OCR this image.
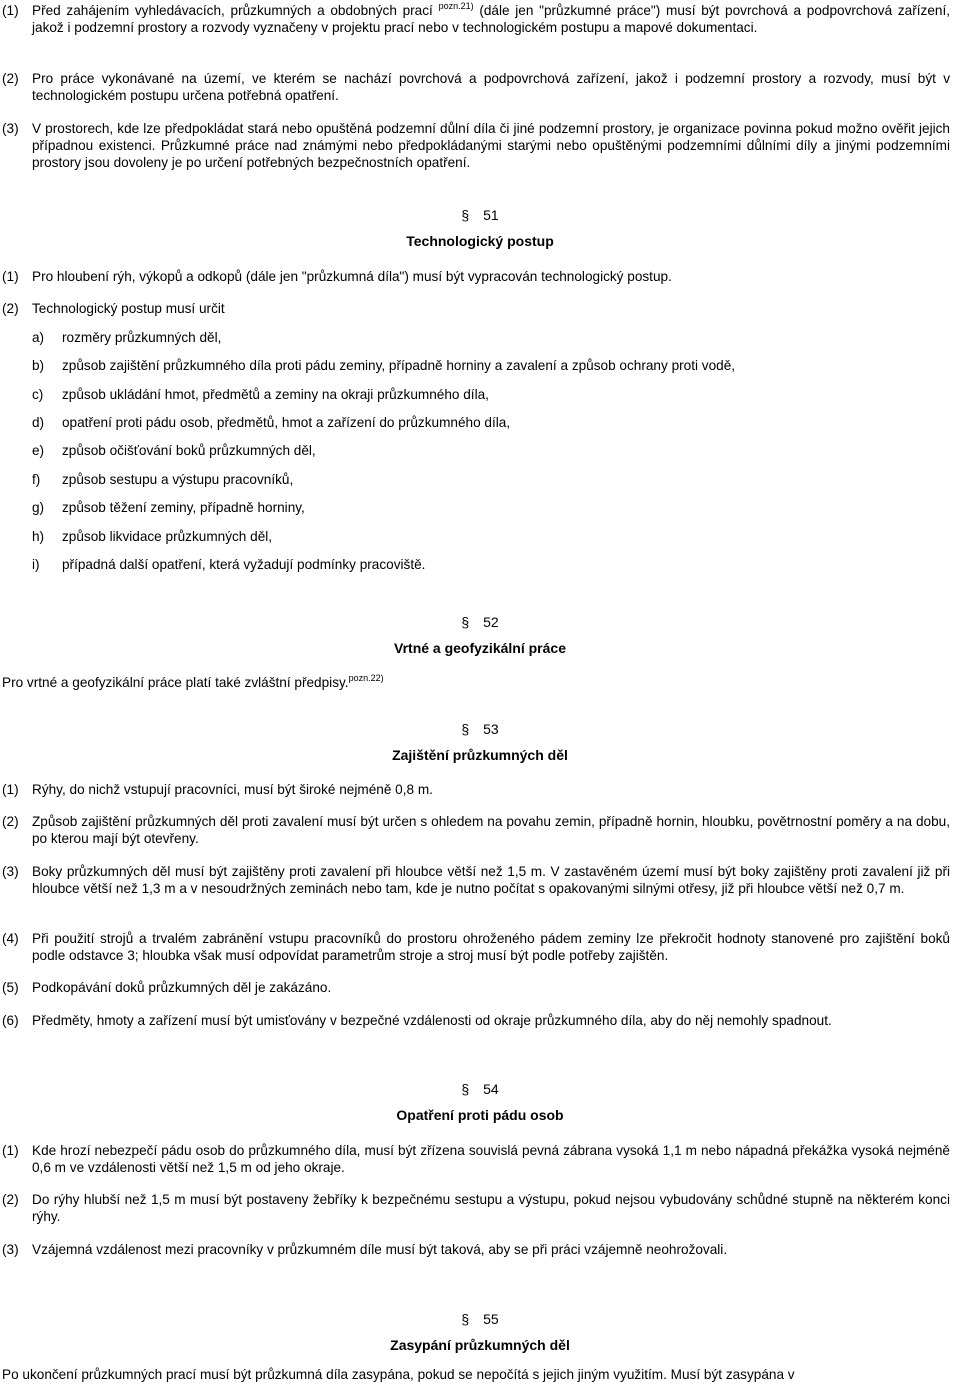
(1) Před zahájením vyhledávacích, průzkumných a obdobných prací $^{pozn.21)}$ (dále jen "průzkumné práce") musí být povrchová a podpovrchová zařízení, jakož i podzemní prostory a rozvody vyznačeny v projektu prací nebo v technologickém postupu a mapové dokumentaci.
(2) Pro práce vykonávané na území, ve kterém se nachází povrchová a podpovrchová zařízení, jakož i podzemní prostory a rozvody, musí být v technologickém postupu určena potřebná opatření.
(3) V prostorech, kde lze předpokládat stará nebo opuštěná podzemní důlní díla či jiné podzemní prostory, je organizace povinna pokud možno ověřit jejich případnou existenci. Průzkumné práce nad známými nebo předpokládanými starými nebo opuštěnými podzemními důlními díly a jinými podzemními prostory jsou dovoleny je po určení potřebných bezpečnostních opatření.
§ 51
Technologický postup
(1) Pro hloubení rýh, výkopů a odkopů (dále jen "průzkumná díla") musí být vypracován technologický postup.
(2) Technologický postup musí určit
a) rozměry průzkumných děl,
b) způsob zajištění průzkumného díla proti pádu zeminy, případně horniny a zavalení a způsob ochrany proti vodě,
c) způsob ukládání hmot, předmětů a zeminy na okraji průzkumného díla,
d) opatření proti pádu osob, předmětů, hmot a zařízení do průzkumného díla,
e) způsob očišťování boků průzkumných děl,
f) způsob sestupu a výstupu pracovníků,
g) způsob těžení zeminy, případně horniny,
h) způsob likvidace průzkumných děl,
i) případná další opatření, která vyžadují podmínky pracoviště.
§ 52
Vrtné a geofyzikální práce
Pro vrtné a geofyzikální práce platí také zvláštní předpisy.$^{pozn.22)}$
§ 53
Zajištění průzkumných děl
(1) Rýhy, do nichž vstupují pracovníci, musí být široké nejméně 0,8 m.
(2) Způsob zajištění průzkumných děl proti zavalení musí být určen s ohledem na povahu zemin, případně hornin, hloubku, povětrnostní poměry a na dobu, po kterou mají být otevřeny.
(3) Boky průzkumných děl musí být zajištěny proti zavalení při hloubce větší než 1,5 m. V zastavěném území musí být boky zajištěny proti zavalení již při hloubce větší než 1,3 m a v nesoudržných zeminách nebo tam, kde je nutno počítat s opakovanými silnými otřesy, již při hloubce větší než 0,7 m.
(4) Při použití strojů a trvalém zabránění vstupu pracovníků do prostoru ohroženého pádem zeminy lze překročit hodnoty stanovené pro zajištění boků podle odstavce 3; hloubka však musí odpovídat parametrům stroje a stroj musí být podle potřeby zajištěn.
(5) Podkopávání doků průzkumných děl je zakázáno.
(6) Předměty, hmoty a zařízení musí být umisťovány v bezpečné vzdálenosti od okraje průzkumného díla, aby do něj nemohly spadnout.
§ 54
Opatření proti pádu osob
(1) Kde hrozí nebezpečí pádu osob do průzkumného díla, musí být zřízena souvislá pevná zábrana vysoká 1,1 m nebo nápadná překážka vysoká nejméně 0,6 m ve vzdálenosti větší než 1,5 m od jeho okraje.
(2) Do rýhy hlubší než 1,5 m musí být postaveny žebříky k bezpečnému sestupu a výstupu, pokud nejsou vybudovány schůdné stupně na některém konci rýhy.
(3) Vzájemná vzdálenost mezi pracovníky v průzkumném díle musí být taková, aby se při práci vzájemně neohrožovali.
§ 55
Zasypání průzkumných děl
Po ukončení průzkumných prací musí být průzkumná díla zasypána, pokud se nepočítá s jejich jiným využitím. Musí být zasypána v
